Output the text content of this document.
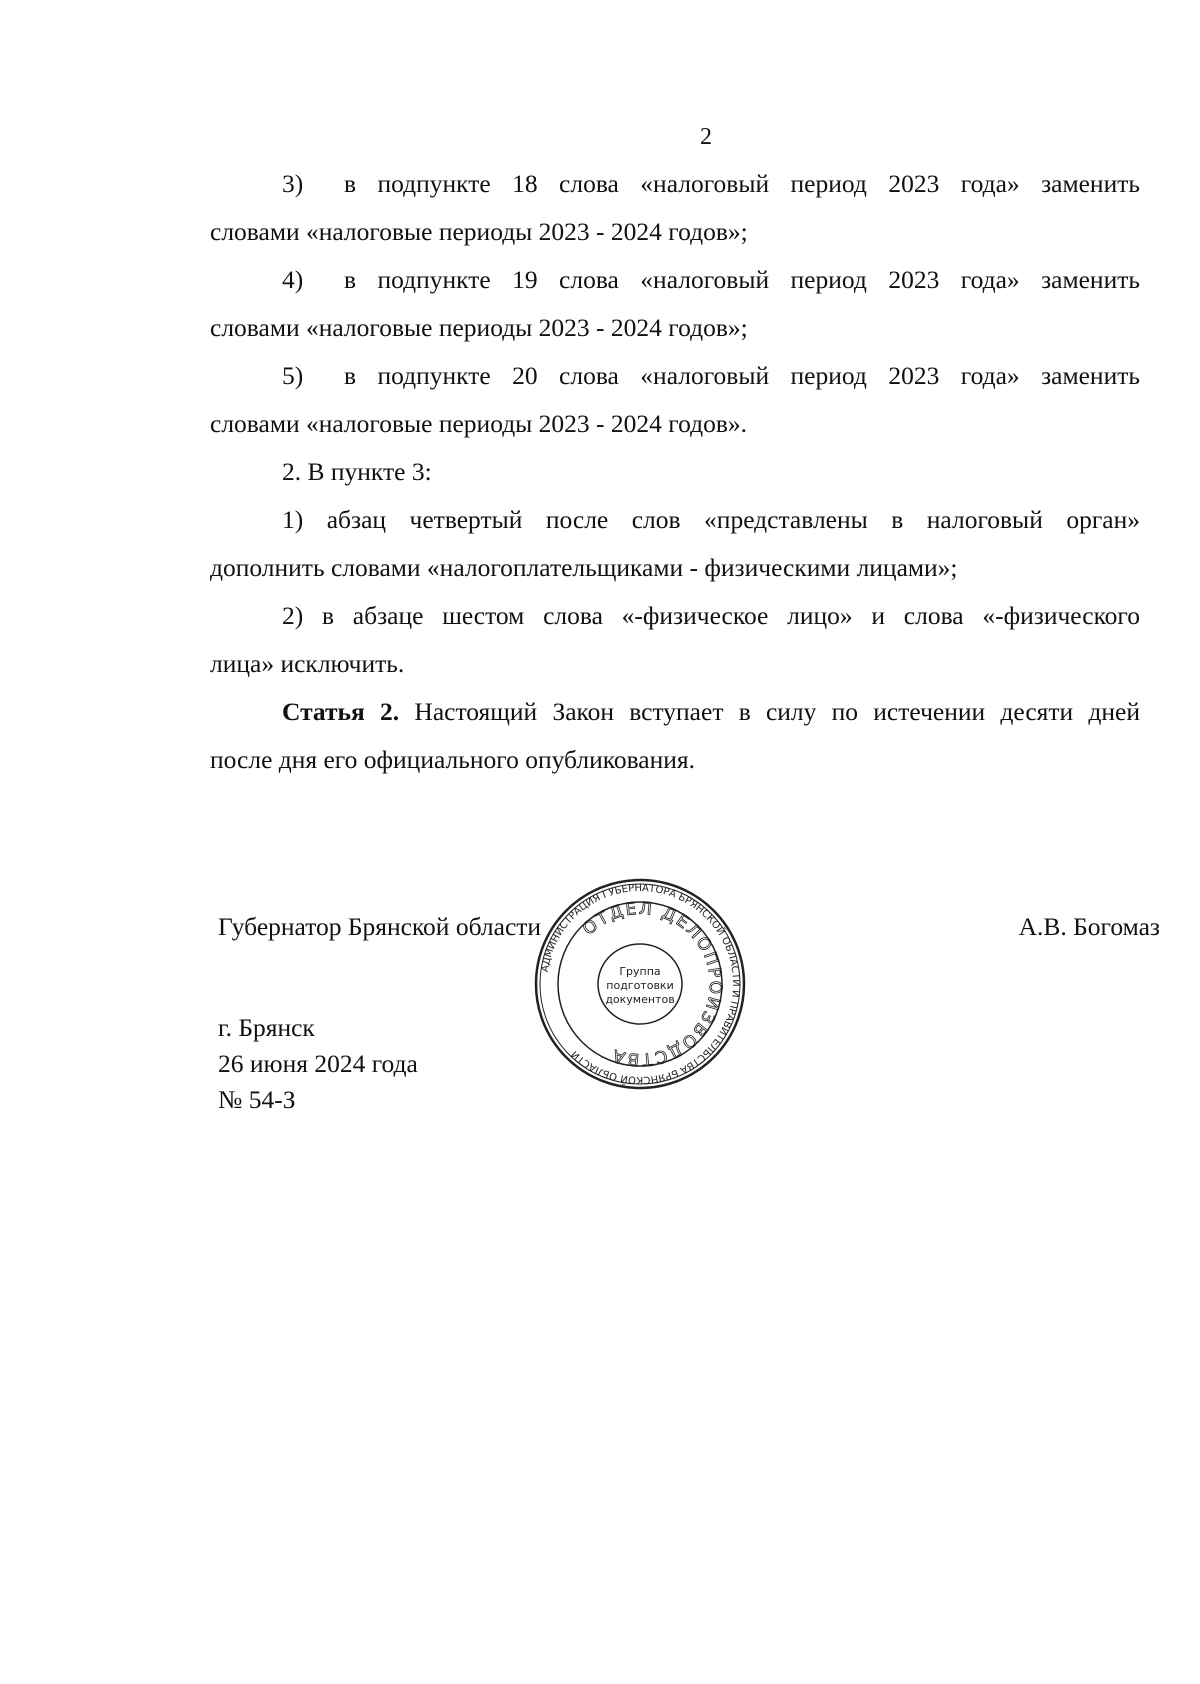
2
3) в подпункте 18 слова «налоговый период 2023 года» заменить
словами «налоговые периоды 2023 - 2024 годов»;
4) в подпункте 19 слова «налоговый период 2023 года» заменить
словами «налоговые периоды 2023 - 2024 годов»;
5) в подпункте 20 слова «налоговый период 2023 года» заменить
словами «налоговые периоды 2023 - 2024 годов».
2. В пункте 3:
1) абзац четвертый после слов «представлены в налоговый орган»
дополнить словами «налогоплательщиками - физическими лицами»;
2) в абзаце шестом слова «-физическое лицо» и слова «-физического
лица» исключить.
Статья 2. Настоящий Закон вступает в силу по истечении десяти дней
после дня его официального опубликования.
Губернатор Брянской области	А.В. Богомаз
г. Брянск
26 июня 2024 года
№ 54-З
АДМИНИСТРАЦИЯ ГУБЕРНАТОРА БРЯНСКОЙ ОБЛАСТИ И ПРАВИТЕЛЬСТВА БРЯНСКОЙ ОБЛАСТИ
ОТДЕЛ ДЕЛОПРОИЗВОДСТВА
Группа
подготовки
документов
